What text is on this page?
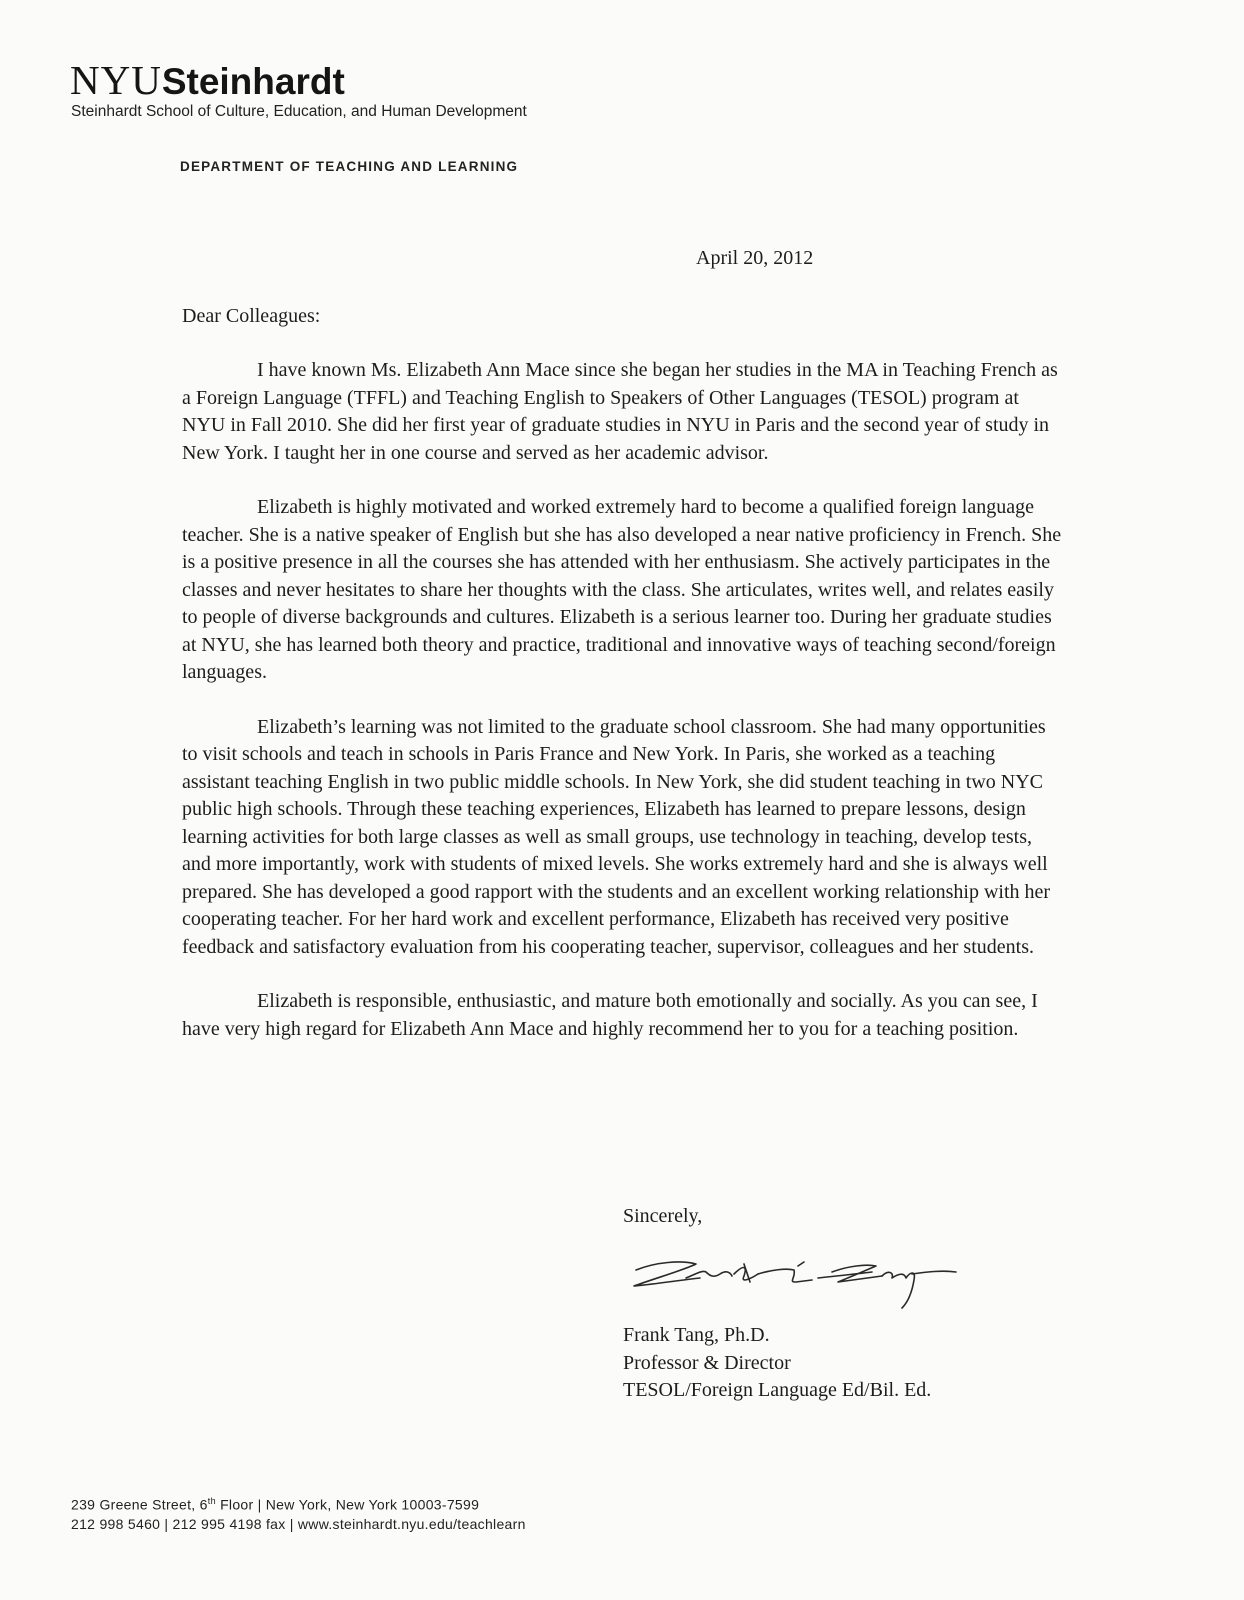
NYUSteinhardt
Steinhardt School of Culture, Education, and Human Development
DEPARTMENT OF TEACHING AND LEARNING
April 20, 2012
Dear Colleagues:

I have known Ms. Elizabeth Ann Mace since she began her studies in the MA in Teaching French as a Foreign Language (TFFL) and Teaching English to Speakers of Other Languages (TESOL) program at NYU in Fall 2010. She did her first year of graduate studies in NYU in Paris and the second year of study in New York. I taught her in one course and served as her academic advisor.

Elizabeth is highly motivated and worked extremely hard to become a qualified foreign language teacher. She is a native speaker of English but she has also developed a near native proficiency in French. She is a positive presence in all the courses she has attended with her enthusiasm. She actively participates in the classes and never hesitates to share her thoughts with the class. She articulates, writes well, and relates easily to people of diverse backgrounds and cultures. Elizabeth is a serious learner too. During her graduate studies at NYU, she has learned both theory and practice, traditional and innovative ways of teaching second/foreign languages.

Elizabeth’s learning was not limited to the graduate school classroom. She had many opportunities to visit schools and teach in schools in Paris France and New York. In Paris, she worked as a teaching assistant teaching English in two public middle schools. In New York, she did student teaching in two NYC public high schools. Through these teaching experiences, Elizabeth has learned to prepare lessons, design learning activities for both large classes as well as small groups, use technology in teaching, develop tests, and more importantly, work with students of mixed levels. She works extremely hard and she is always well prepared. She has developed a good rapport with the students and an excellent working relationship with her cooperating teacher. For her hard work and excellent performance, Elizabeth has received very positive feedback and satisfactory evaluation from his cooperating teacher, supervisor, colleagues and her students.

Elizabeth is responsible, enthusiastic, and mature both emotionally and socially. As you can see, I have very high regard for Elizabeth Ann Mace and highly recommend her to you for a teaching position.

Sincerely,
Frank Tang, Ph.D.
Professor & Director
TESOL/Foreign Language Ed/Bil. Ed.
239 Greene Street, 6th Floor | New York, New York 10003-7599
212 998 5460 | 212 995 4198 fax | www.steinhardt.nyu.edu/teachlearn
